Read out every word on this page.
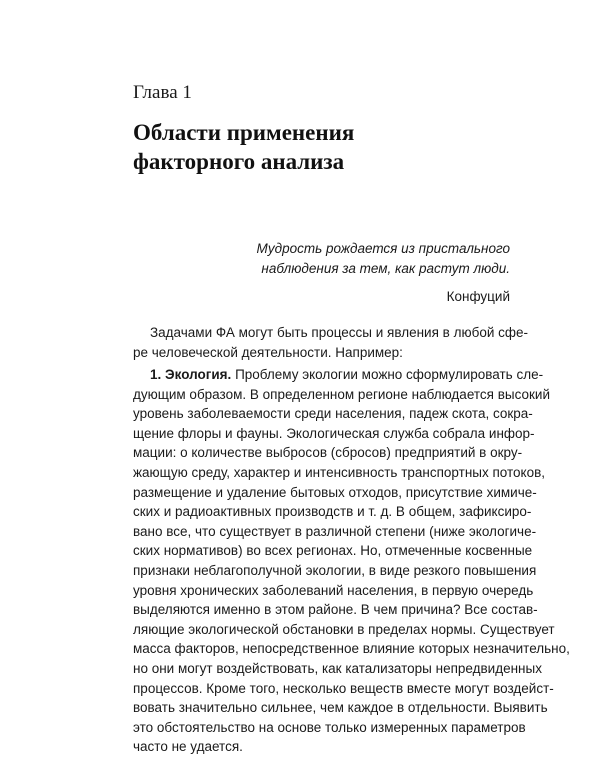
Глава 1
Области применения
факторного анализа
Мудрость рождается из пристального
наблюдения за тем, как растут люди.
Конфуций
Задачами ФА могут быть процессы и явления в любой сфе-
ре человеческой деятельности. Например:
1. Экология. Проблему экологии можно сформулировать сле-
дующим образом. В определенном регионе наблюдается высокий
уровень заболеваемости среди населения, падеж скота, сокра-
щение флоры и фауны. Экологическая служба собрала инфор-
мации: о количестве выбросов (сбросов) предприятий в окру-
жающую среду, характер и интенсивность транспортных потоков,
размещение и удаление бытовых отходов, присутствие химиче-
ских и радиоактивных производств и т. д. В общем, зафиксиро-
вано все, что существует в различной степени (ниже экологиче-
ских нормативов) во всех регионах. Но, отмеченные косвенные
признаки неблагополучной экологии, в виде резкого повышения
уровня хронических заболеваний населения, в первую очередь
выделяются именно в этом районе. В чем причина? Все состав-
ляющие экологической обстановки в пределах нормы. Существует
масса факторов, непосредственное влияние которых незначительно,
но они могут воздействовать, как катализаторы непредвиденных
процессов. Кроме того, несколько веществ вместе могут воздейст-
вовать значительно сильнее, чем каждое в отдельности. Выявить
это обстоятельство на основе только измеренных параметров
часто не удается.
